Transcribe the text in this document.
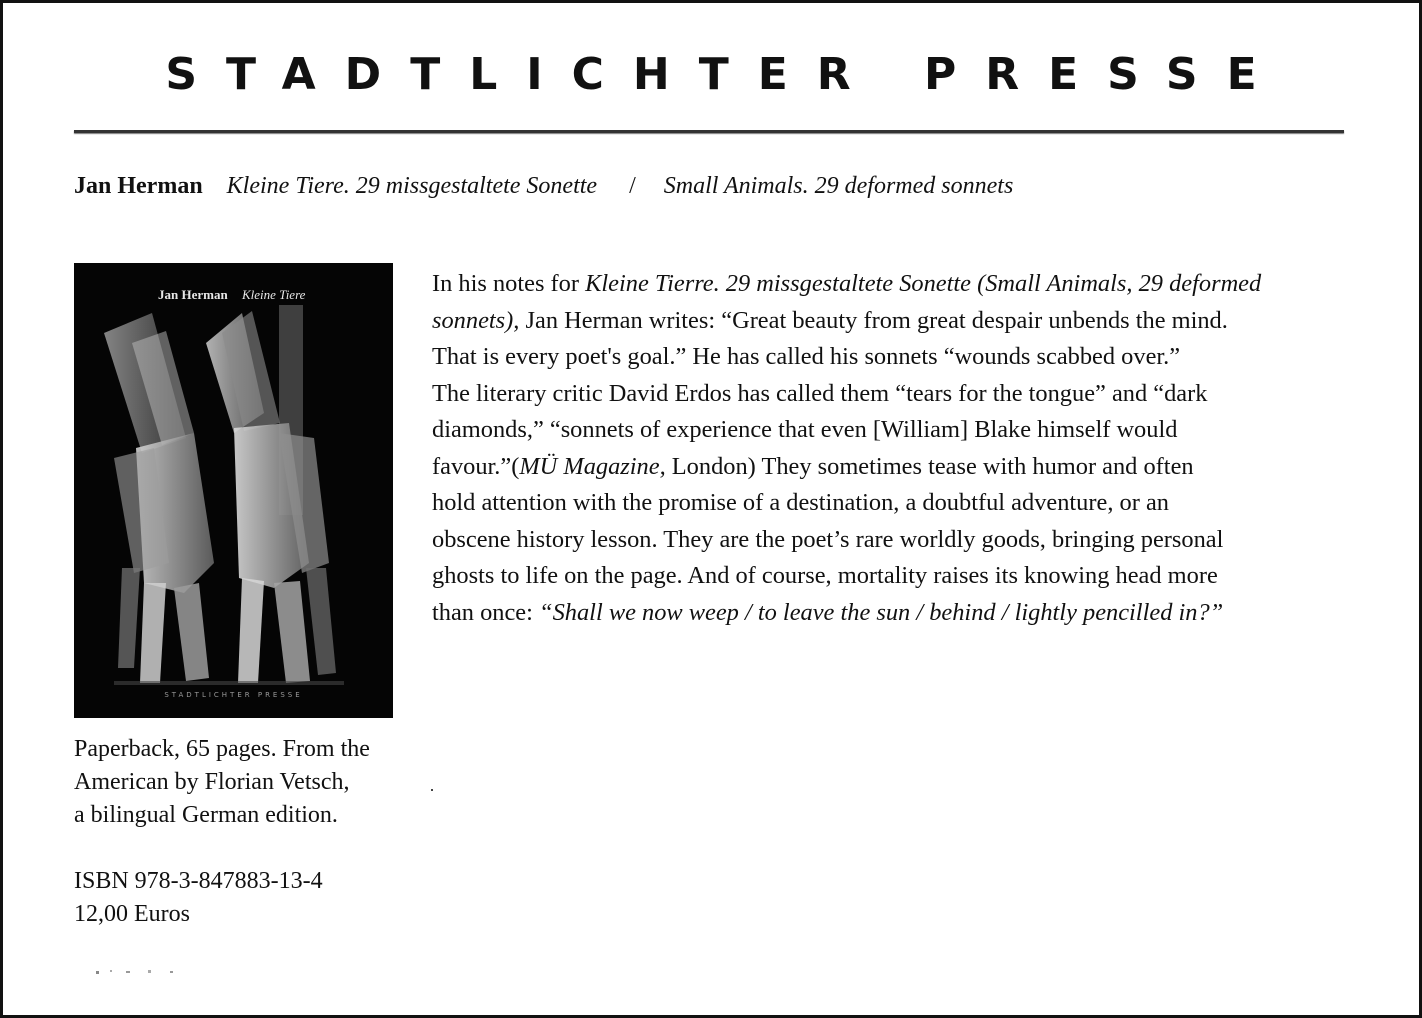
STADTLICHTER PRESSE
Jan Herman Kleine Tiere. 29 missgestaltete Sonette / Small Animals. 29 deformed sonnets
Jan Herman Kleine Tiere
STADTLICHTER PRESSE
Paperback, 65 pages. From the
American by Florian Vetsch,
a bilingual German edition.
ISBN 978-3-847883-13-4
12,00 Euros
In his notes for Kleine Tierre. 29 missgestaltete Sonette (Small Animals, 29 deformed
sonnets), Jan Herman writes: “Great beauty from great despair unbends the mind.
That is every poet's goal.” He has called his sonnets “wounds scabbed over.”
The literary critic David Erdos has called them “tears for the tongue” and “dark
diamonds,” “sonnets of experience that even [William] Blake himself would
favour.”(MÜ Magazine, London) They sometimes tease with humor and often
hold attention with the promise of a destination, a doubtful adventure, or an
obscene history lesson. They are the poet’s rare worldly goods, bringing personal
ghosts to life on the page. And of course, mortality raises its knowing head more
than once: “Shall we now weep / to leave the sun / behind / lightly pencilled in?”
